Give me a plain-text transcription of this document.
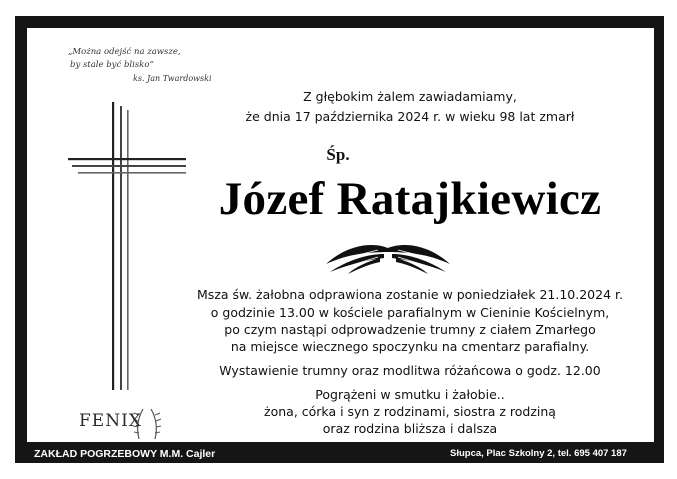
„Można odejść na zawsze,
by stale być blisko”
ks. Jan Twardowski
FENIX
Z głębokim żalem zawiadamiamy,
że dnia 17 października 2024 r. w wieku 98 lat zmarł
Śp.
Józef Ratajkiewicz
Msza św. żałobna odprawiona zostanie w poniedziałek 21.10.2024 r.
o godzinie 13.00 w kościele parafialnym w Cieninie Kościelnym,
po czym nastąpi odprowadzenie trumny z ciałem Zmarłego
na miejsce wiecznego spoczynku na cmentarz parafialny.
Wystawienie trumny oraz modlitwa różańcowa o godz. 12.00
Pogrążeni w smutku i żałobie..
żona, córka i syn z rodzinami, siostra z rodziną
oraz rodzina bliższa i dalsza
ZAKŁAD POGRZEBOWY M.M. Cajler	Słupca, Plac Szkolny 2, tel. 695 407 187
